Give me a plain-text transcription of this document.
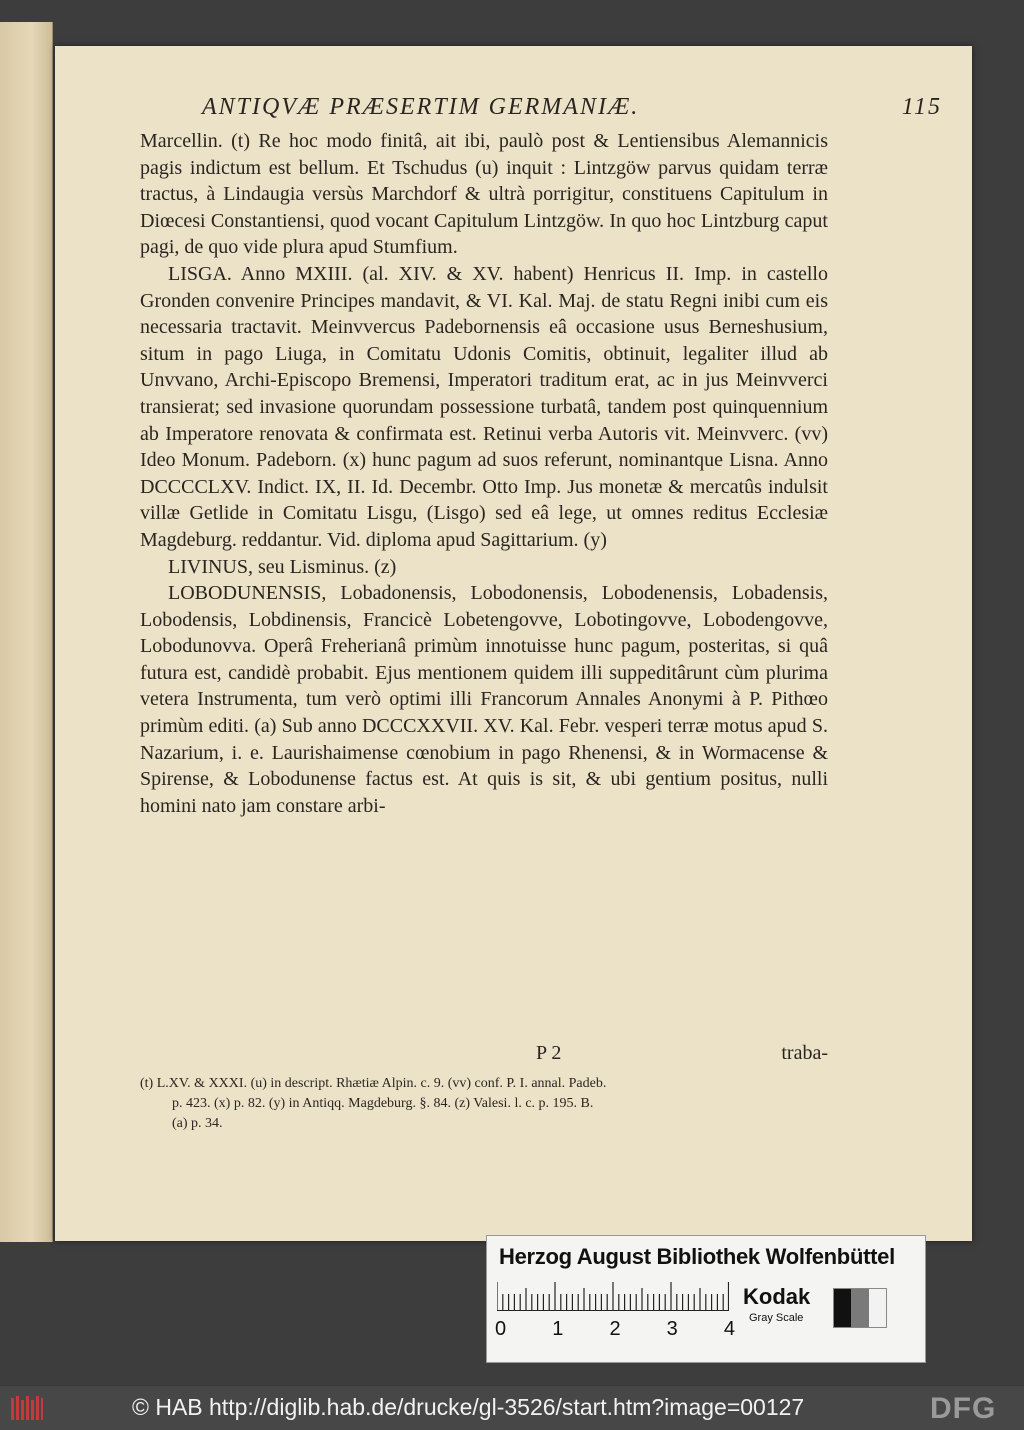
ANTIQVÆ PRÆSERTIM GERMANIÆ.	115

Marcellin. (t) Re hoc modo finitâ, ait ibi, paulò post & Lentiensibus Alemannicis pagis indictum est bellum. Et Tschudus (u) inquit : Lintzgöw parvus quidam terræ tractus, à Lindaugia versùs Marchdorf & ultrà porrigitur, constituens Capitulum in Diœcesi Constantiensi, quod vocant Capitulum Lintzgöw. In quo hoc Lintzburg caput pagi, de quo vide plura apud Stumfium.

LISGA. Anno MXIII. (al. XIV. & XV. habent) Henricus II. Imp. in castello Gronden convenire Principes mandavit, & VI. Kal. Maj. de statu Regni inibi cum eis necessaria tractavit. Meinvvercus Padebornensis eâ occasione usus Berneshusium, situm in pago Liuga, in Comitatu Udonis Comitis, obtinuit, legaliter illud ab Unvvano, Archi-Episcopo Bremensi, Imperatori traditum erat, ac in jus Meinvverci transierat; sed invasione quorundam possessione turbatâ, tandem post quinquennium ab Imperatore renovata & confirmata est. Retinui verba Autoris vit. Meinvverc. (vv) Ideo Monum. Padeborn. (x) hunc pagum ad suos referunt, nominantque Lisna. Anno DCCCCLXV. Indict. IX, II. Id. Decembr. Otto Imp. Jus monetæ & mercatûs indulsit villæ Getlide in Comitatu Lisgu, (Lisgo) sed eâ lege, ut omnes reditus Ecclesiæ Magdeburg. reddantur. Vid. diploma apud Sagittarium. (y)

LIVINUS, seu Lisminus. (z)

LOBODUNENSIS, Lobadonensis, Lobodonensis, Lobodenensis, Lobadensis, Lobodensis, Lobdinensis, Francicè Lobetengovve, Lobotingovve, Lobodengovve, Lobodunovva. Operâ Freherianâ primùm innotuisse hunc pagum, posteritas, si quâ futura est, candidè probabit. Ejus mentionem quidem illi suppeditârunt cùm plurima vetera Instrumenta, tum verò optimi illi Francorum Annales Anonymi à P. Pithœo primùm editi. (a) Sub anno DCCCXXVII. XV. Kal. Febr. vesperi terræ motus apud S. Nazarium, i. e. Laurishaimense cœnobium in pago Rhenensi, & in Wormacense & Spirense, & Lobodunense factus est. At quis is sit, & ubi gentium positus, nulli homini nato jam constare arbi-

P 2	traba-

(t) L.XV. & XXXI. (u) in descript. Rhætiæ Alpin. c. 9. (vv) conf. P. I. annal. Padeb.

p. 423. (x) p. 82. (y) in Antiqq. Magdeburg. §. 84. (z) Valesi. l. c. p. 195. B.

(a) p. 34.

Herzog August Bibliothek Wolfenbüttel
0 1 2 3 4
Kodak
Gray Scale
© HAB http://diglib.hab.de/drucke/gl-3526/start.htm?image=00127	DFG
